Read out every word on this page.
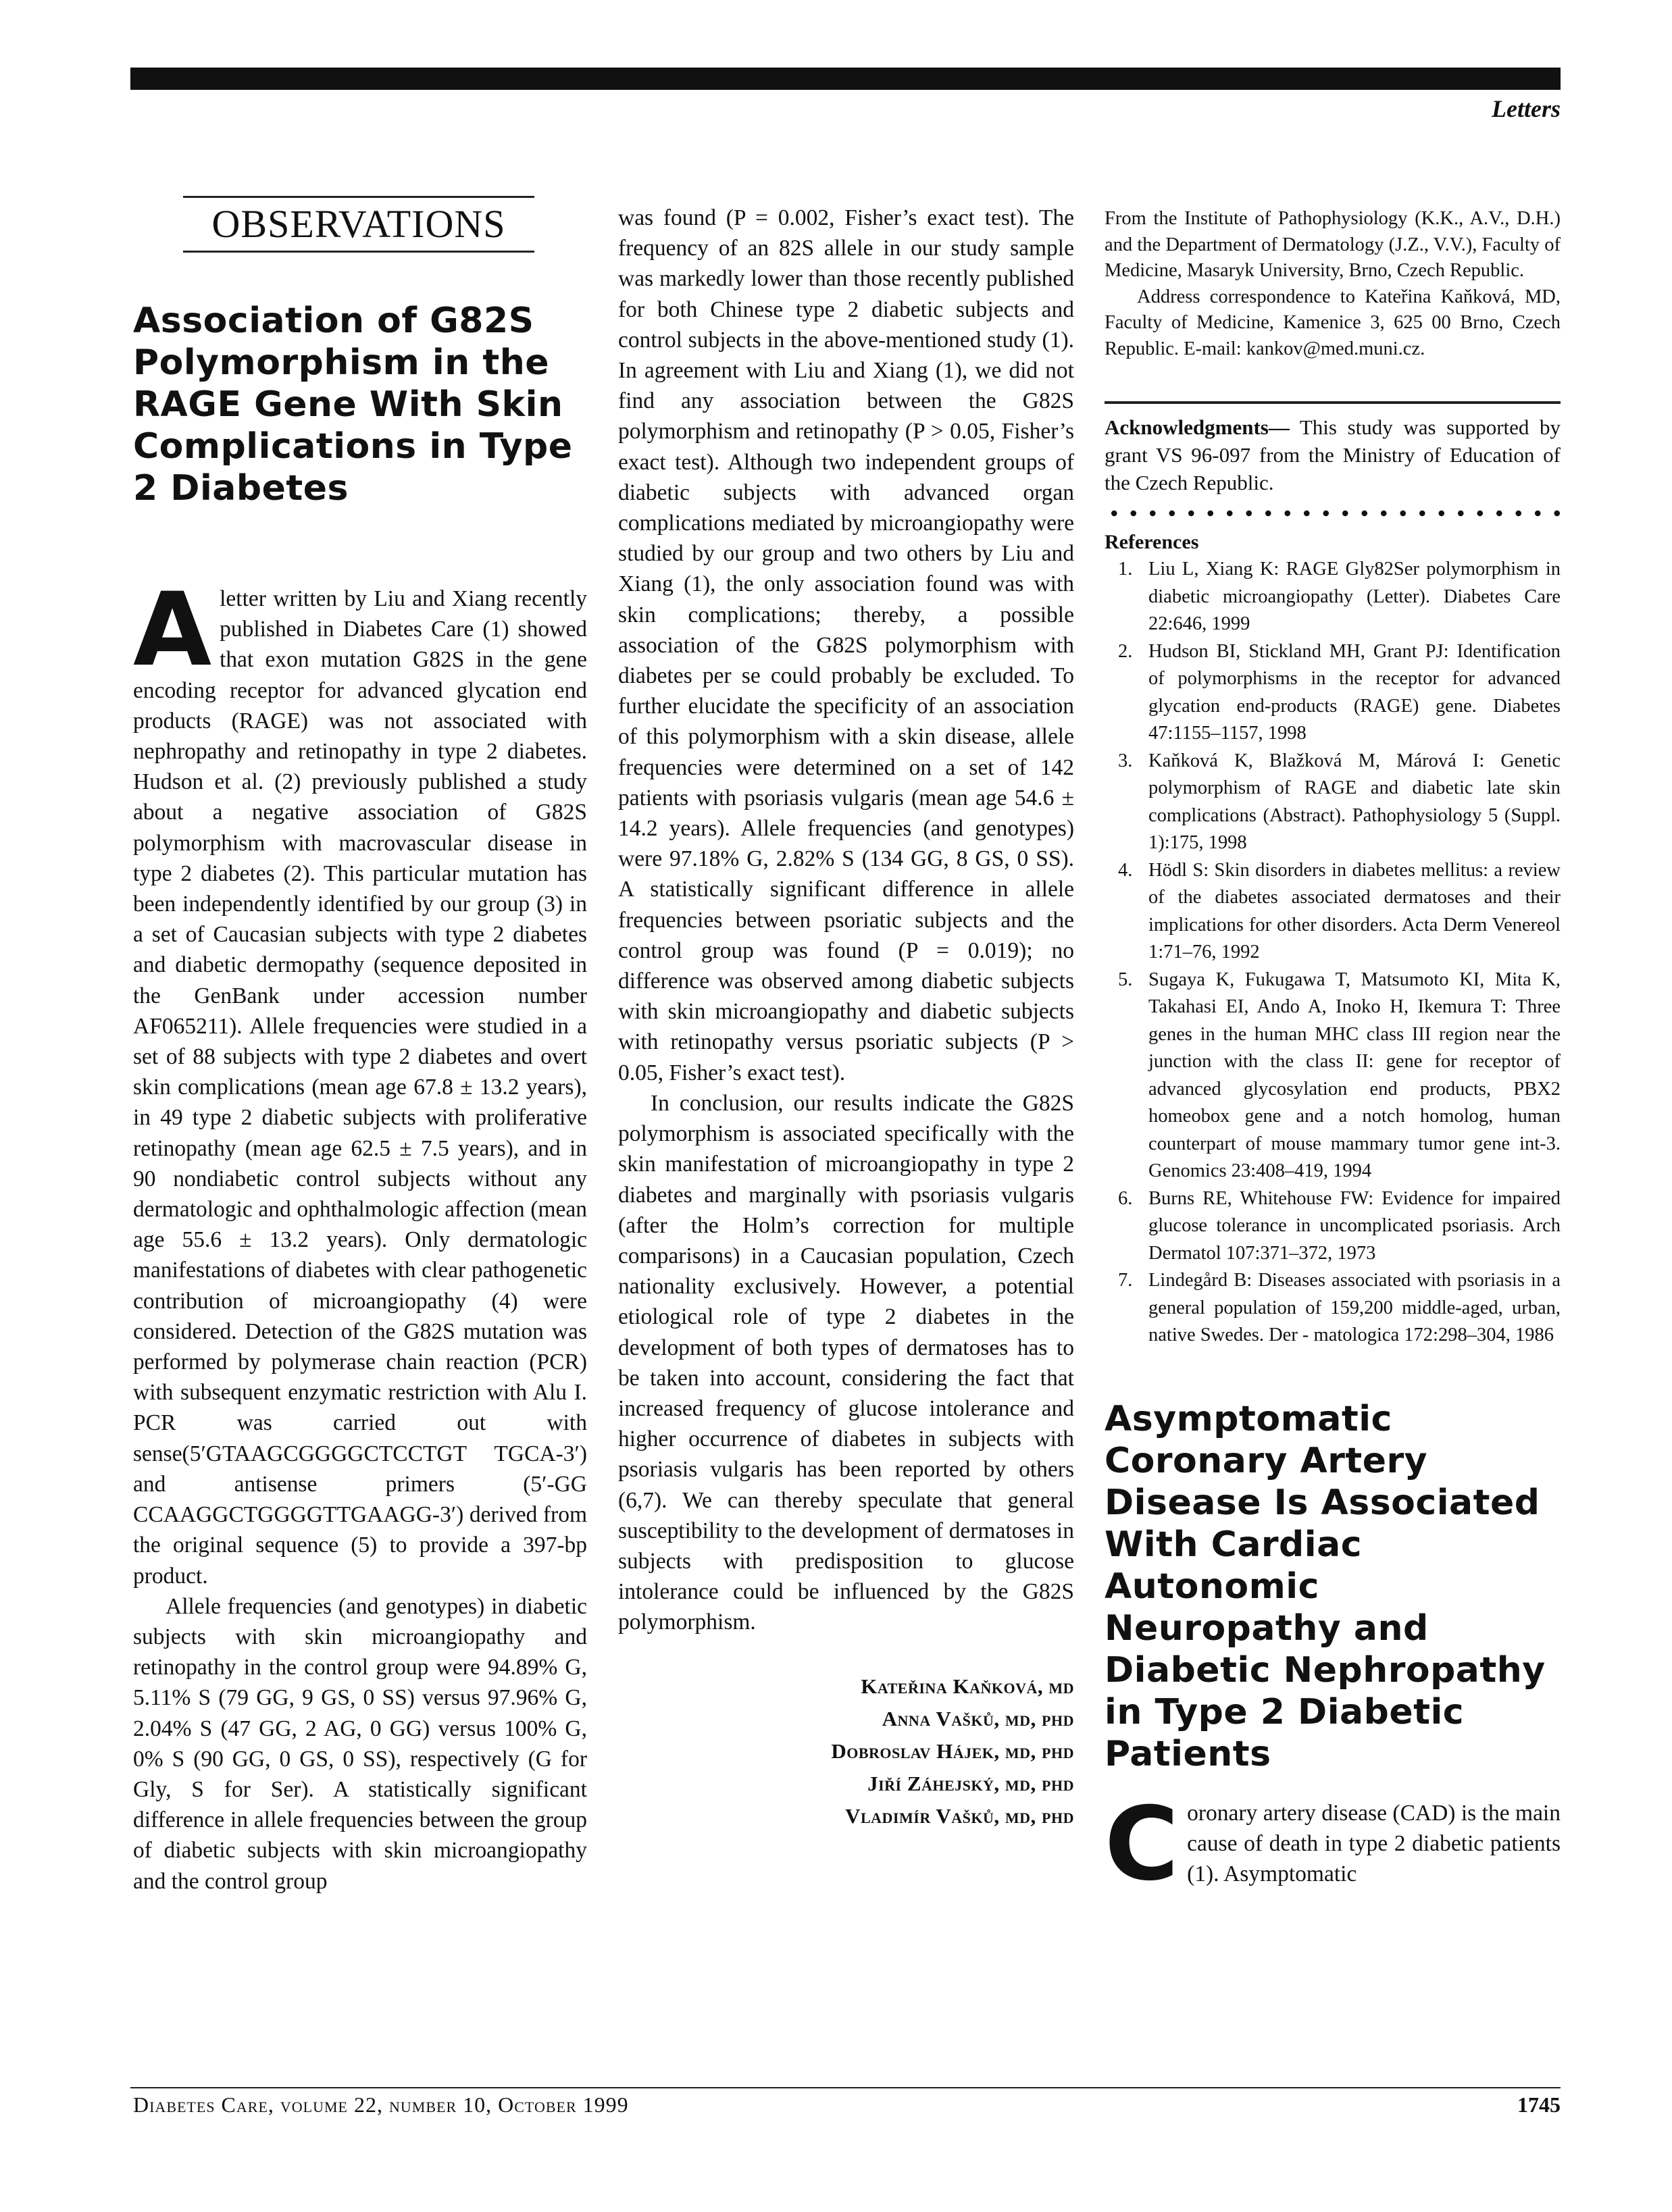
Letters
OBSERVATIONS
Association of G82S Polymorphism in the RAGE Gene With Skin Complications in Type 2 Diabetes

Aletter written by Liu and Xiang recently published in Diabetes Care (1) showed that exon mutation G82S in the gene encoding receptor for advanced glycation end products (RAGE) was not associated with nephropathy and retinopathy in type 2 diabetes. Hudson et al. (2) previously published a study about a negative association of G82S polymorphism with macrovascular disease in type 2 diabetes (2). This particular mutation has been independently identified by our group (3) in a set of Caucasian subjects with type 2 diabetes and diabetic dermopathy (sequence deposited in the GenBank under accession number AF065211). Allele frequencies were studied in a set of 88 subjects with type 2 diabetes and overt skin complications (mean age 67.8 ± 13.2 years), in 49 type 2 diabetic subjects with proliferative retinopathy (mean age 62.5 ± 7.5 years), and in 90 nondiabetic control subjects without any dermatologic and ophthalmologic affection (mean age 55.6 ± 13.2 years). Only dermatologic manifestations of diabetes with clear pathogenetic contribution of microangiopathy (4) were considered. Detection of the G82S mutation was performed by polymerase chain reaction (PCR) with subsequent enzymatic restriction with Alu I. PCR was carried out with sense(5′GTAAGCGGGGCTCCTGT TGCA-3′) and antisense primers (5′-GG CCAAGGCTGGGGTTGAAGG-3′) derived from the original sequence (5) to provide a 397-bp product.

Allele frequencies (and genotypes) in diabetic subjects with skin microangiopathy and retinopathy in the control group were 94.89% G, 5.11% S (79 GG, 9 GS, 0 SS) versus 97.96% G, 2.04% S (47 GG, 2 AG, 0 GG) versus 100% G, 0% S (90 GG, 0 GS, 0 SS), respectively (G for Gly, S for Ser). A statistically significant difference in allele frequencies between the group of diabetic subjects with skin microangiopathy and the control group

was found (P = 0.002, Fisher’s exact test). The frequency of an 82S allele in our study sample was markedly lower than those recently published for both Chinese type 2 diabetic subjects and control subjects in the above-mentioned study (1). In agreement with Liu and Xiang (1), we did not find any association between the G82S polymorphism and retinopathy (P > 0.05, Fisher’s exact test). Although two independent groups of diabetic subjects with advanced organ complications mediated by microangiopathy were studied by our group and two others by Liu and Xiang (1), the only association found was with skin complications; thereby, a possible association of the G82S polymorphism with diabetes per se could probably be excluded. To further elucidate the specificity of an association of this polymorphism with a skin disease, allele frequencies were determined on a set of 142 patients with psoriasis vulgaris (mean age 54.6 ± 14.2 years). Allele frequencies (and genotypes) were 97.18% G, 2.82% S (134 GG, 8 GS, 0 SS). A statistically significant difference in allele frequencies between psoriatic subjects and the control group was found (P = 0.019); no difference was observed among diabetic subjects with skin microangiopathy and diabetic subjects with retinopathy versus psoriatic subjects (P > 0.05, Fisher’s exact test).

In conclusion, our results indicate the G82S polymorphism is associated specifically with the skin manifestation of microangiopathy in type 2 diabetes and marginally with psoriasis vulgaris (after the Holm’s correction for multiple comparisons) in a Caucasian population, Czech nationality exclusively. However, a potential etiological role of type 2 diabetes in the development of both types of dermatoses has to be taken into account, considering the fact that increased frequency of glucose intolerance and higher occurrence of diabetes in subjects with psoriasis vulgaris has been reported by others (6,7). We can thereby speculate that general susceptibility to the development of dermatoses in subjects with predisposition to glucose intolerance could be influenced by the G82S polymorphism.

Kateřina Kaňková, md
Anna Vašků, md, phd
Dobroslav Hájek, md, phd
Jiří Záhejský, md, phd
Vladimír Vašků, md, phd

From the Institute of Pathophysiology (K.K., A.V., D.H.) and the Department of Dermatology (J.Z., V.V.), Faculty of Medicine, Masaryk University, Brno, Czech Republic.

Address correspondence to Kateřina Kaňková, MD, Faculty of Medicine, Kamenice 3, 625 00 Brno, Czech Republic. E-mail: kankov@med.muni.cz.

Acknowledgments— This study was supported by grant VS 96-097 from the Ministry of Education of the Czech Republic.

References
1. Liu L, Xiang K: RAGE Gly82Ser polymorphism in diabetic microangiopathy (Letter). Diabetes Care 22:646, 1999
2. Hudson BI, Stickland MH, Grant PJ: Identification of polymorphisms in the receptor for advanced glycation end-products (RAGE) gene. Diabetes 47:1155–1157, 1998
3. Kaňková K, Blažková M, Márová I: Genetic polymorphism of RAGE and diabetic late skin complications (Abstract). Pathophysiology 5 (Suppl. 1):175, 1998
4. Hödl S: Skin disorders in diabetes mellitus: a review of the diabetes associated dermatoses and their implications for other disorders. Acta Derm Venereol 1:71–76, 1992
5. Sugaya K, Fukugawa T, Matsumoto KI, Mita K, Takahasi EI, Ando A, Inoko H, Ikemura T: Three genes in the human MHC class III region near the junction with the class II: gene for receptor of advanced glycosylation end products, PBX2 homeobox gene and a notch homolog, human counterpart of mouse mammary tumor gene int-3. Genomics 23:408–419, 1994
6. Burns RE, Whitehouse FW: Evidence for impaired glucose tolerance in uncomplicated psoriasis. Arch Dermatol 107:371–372, 1973
7. Lindegård B: Diseases associated with psoriasis in a general population of 159,200 middle-aged, urban, native Swedes. Der - matologica 172:298–304, 1986
Asymptomatic Coronary Artery Disease Is Associated With Cardiac Autonomic Neuropathy and Diabetic Nephropathy in Type 2 Diabetic Patients

Coronary artery disease (CAD) is the main cause of death in type 2 diabetic patients (1). Asymptomatic

Diabetes Care, volume 22, number 10, October 1999	1745
